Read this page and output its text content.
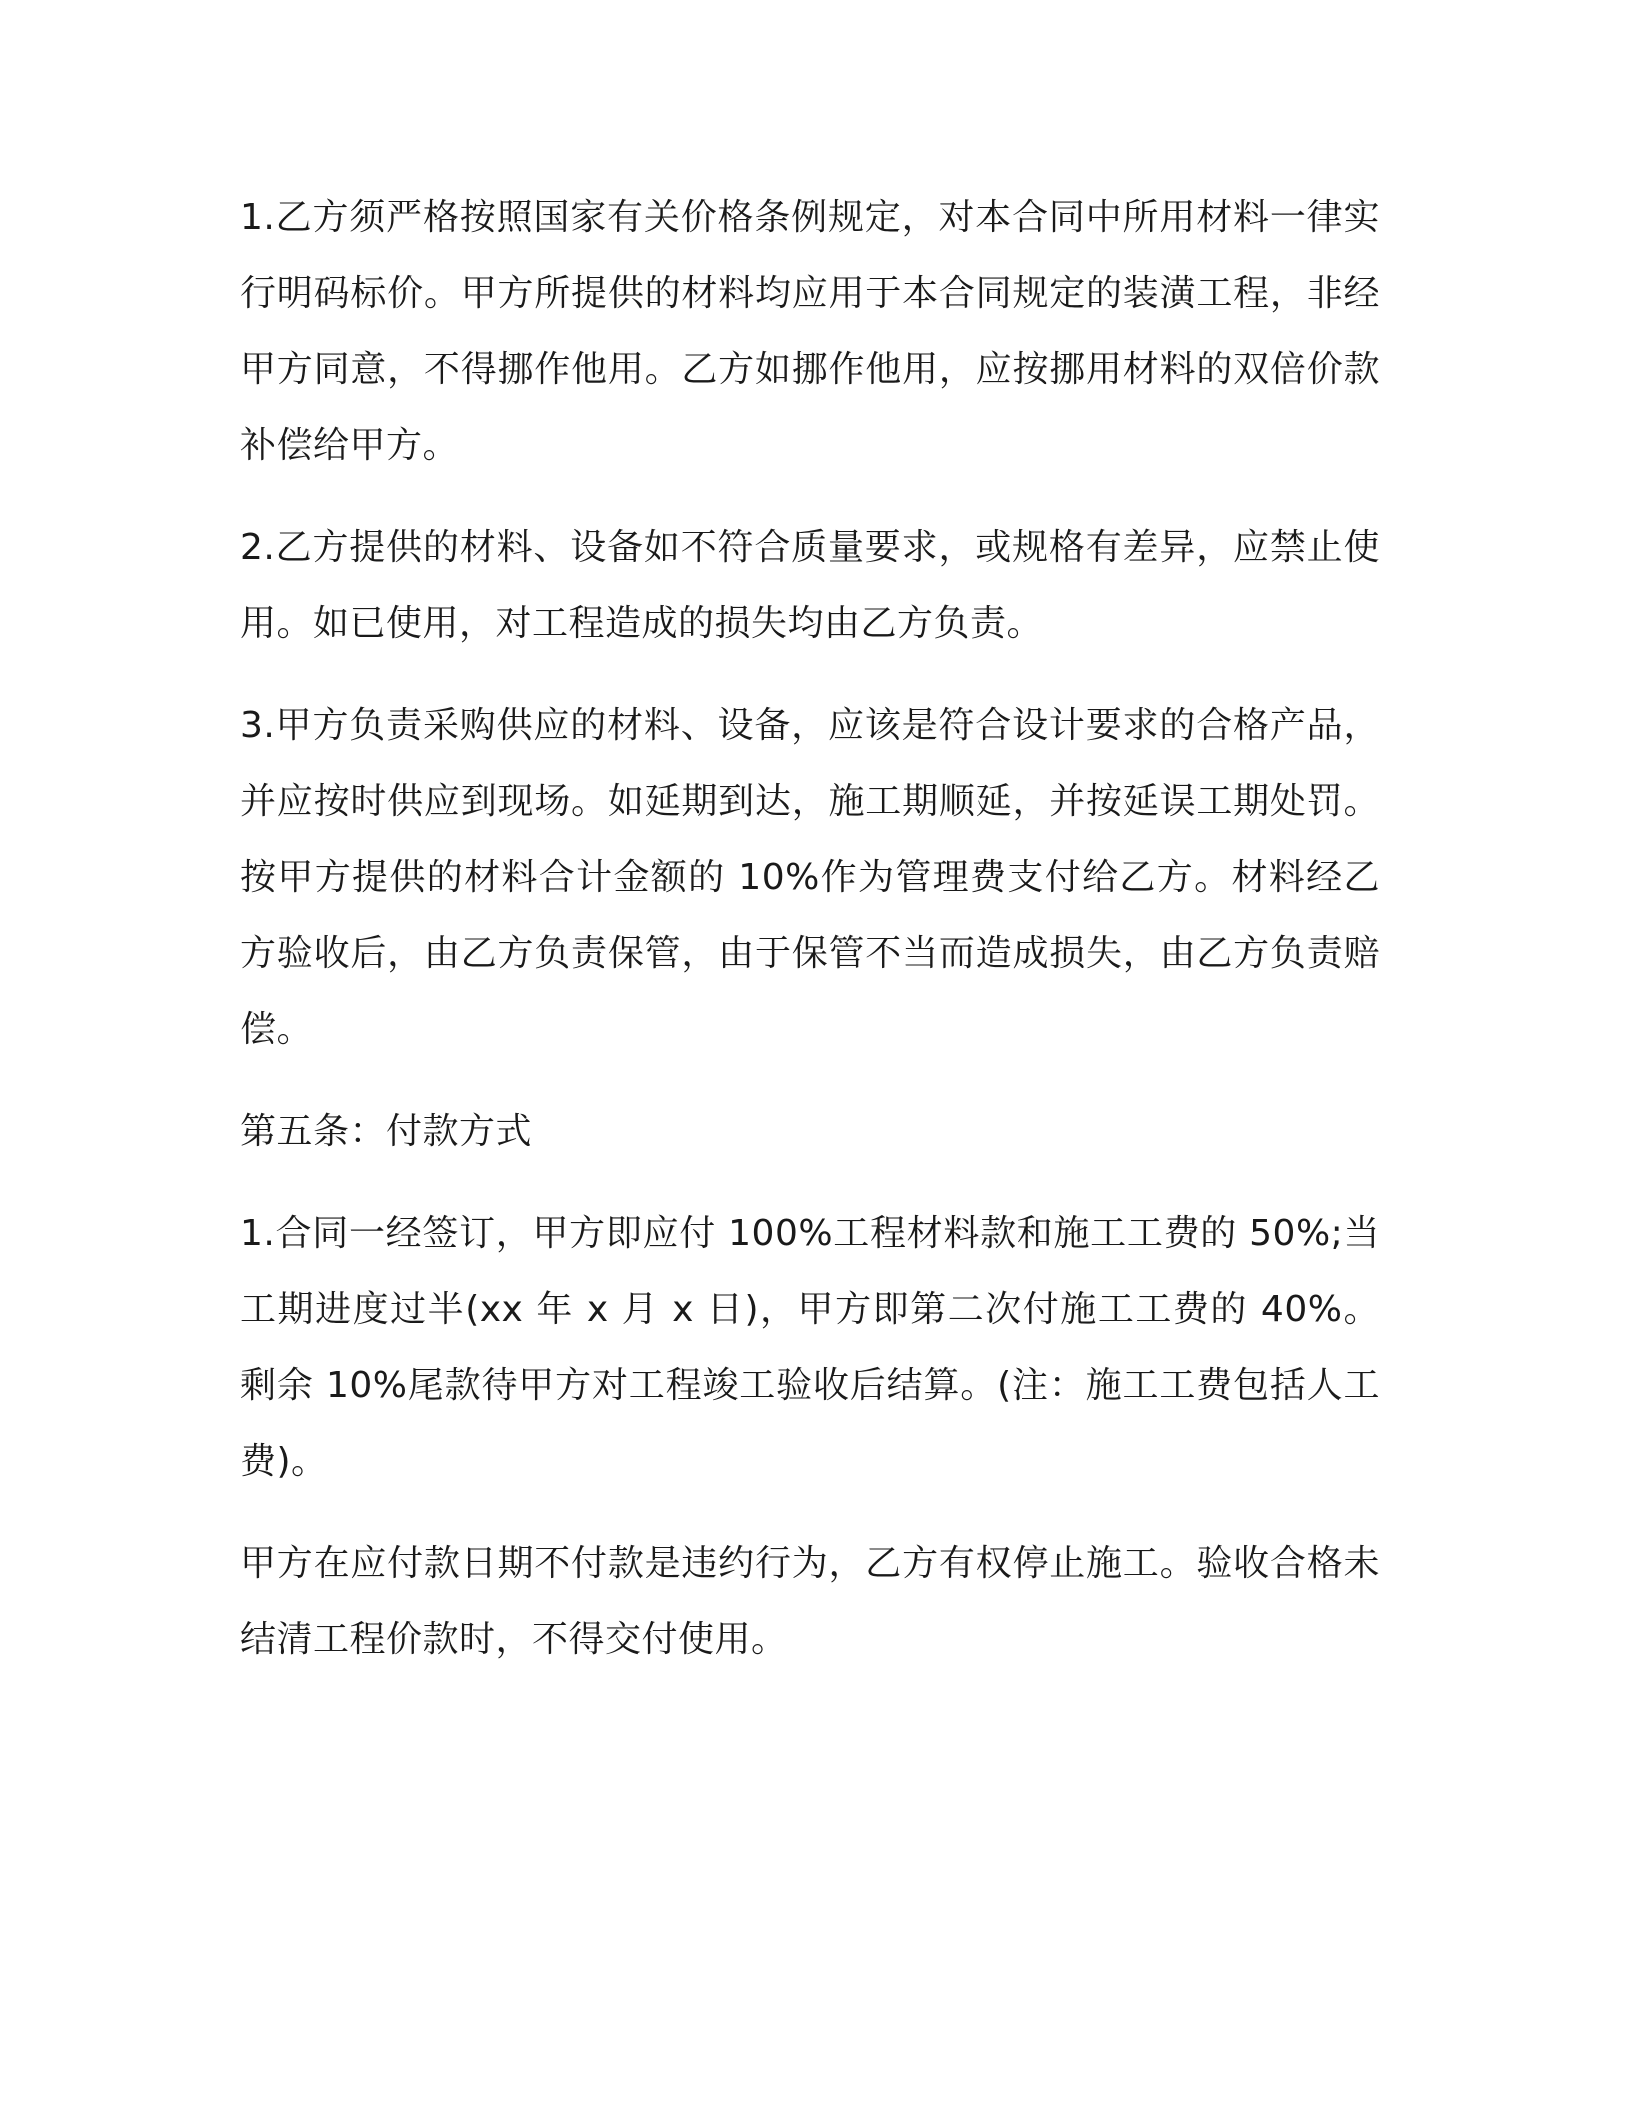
1.乙方须严格按照国家有关价格条例规定，对本合同中所用材料一律实行明码标价。甲方所提供的材料均应用于本合同规定的装潢工程，非经甲方同意，不得挪作他用。乙方如挪作他用，应按挪用材料的双倍价款补偿给甲方。

2.乙方提供的材料、设备如不符合质量要求，或规格有差异，应禁止使用。如已使用，对工程造成的损失均由乙方负责。

3.甲方负责采购供应的材料、设备，应该是符合设计要求的合格产品，并应按时供应到现场。如延期到达，施工期顺延，并按延误工期处罚。按甲方提供的材料合计金额的 10%作为管理费支付给乙方。材料经乙方验收后，由乙方负责保管，由于保管不当而造成损失，由乙方负责赔偿。

第五条：付款方式

1.合同一经签订，甲方即应付 100%工程材料款和施工工费的 50%;当工期进度过半(xx 年 x 月 x 日)，甲方即第二次付施工工费的 40%。剩余 10%尾款待甲方对工程竣工验收后结算。(注：施工工费包括人工费)。

甲方在应付款日期不付款是违约行为，乙方有权停止施工。验收合格未结清工程价款时，不得交付使用。
